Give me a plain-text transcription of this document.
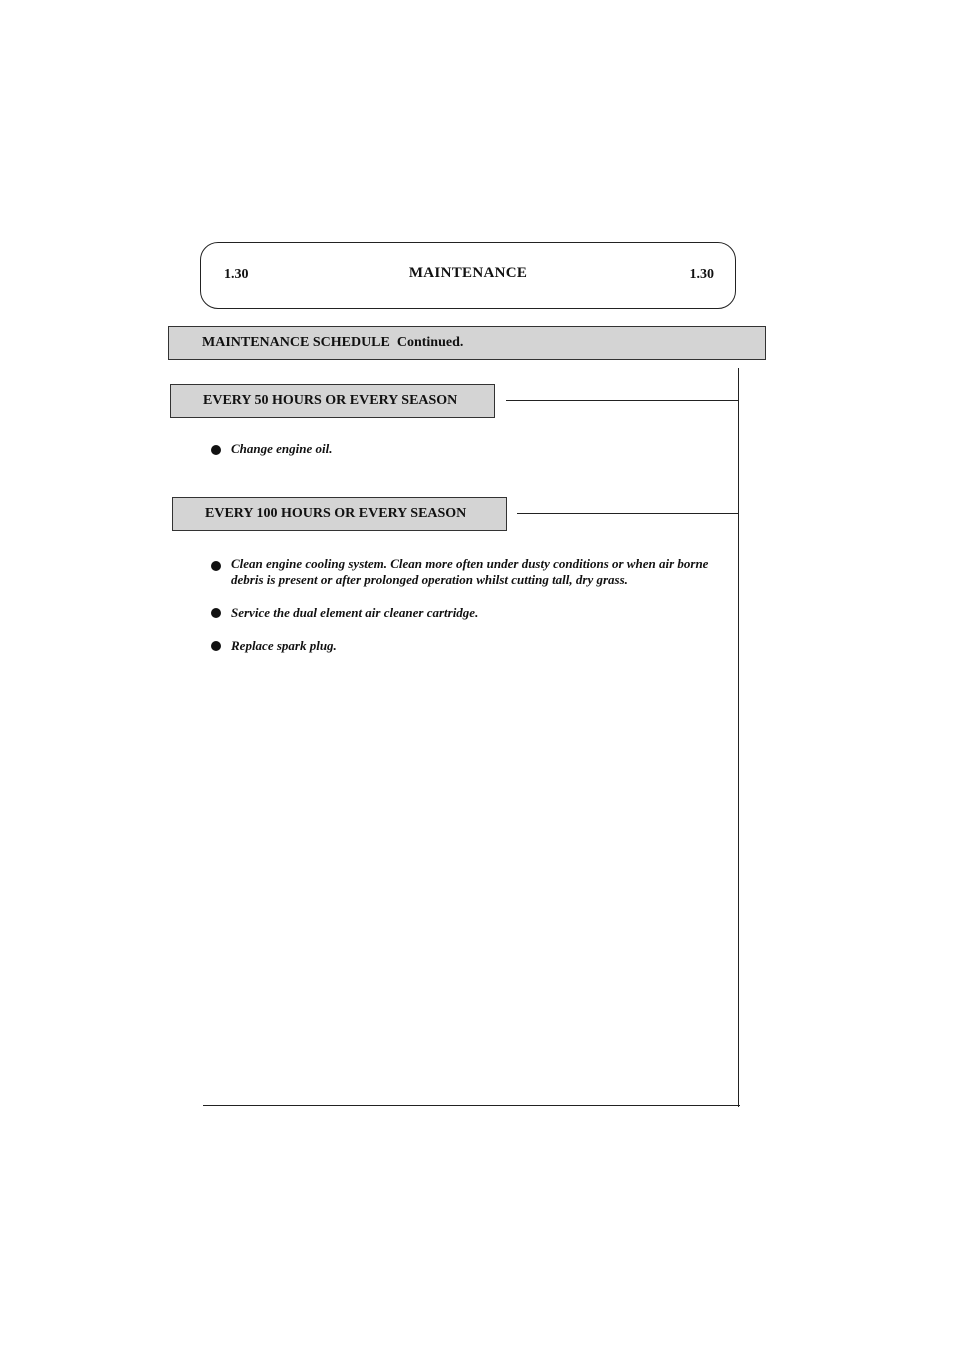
1.30	MAINTENANCE	1.30
MAINTENANCE SCHEDULE  Continued.
EVERY 50 HOURS OR EVERY SEASON
Change engine oil.
EVERY 100 HOURS OR EVERY SEASON
Clean engine cooling system. Clean more often under dusty conditions or when air borne debris is present or after prolonged operation whilst cutting tall, dry grass.
Service the dual element air cleaner cartridge.
Replace spark plug.
